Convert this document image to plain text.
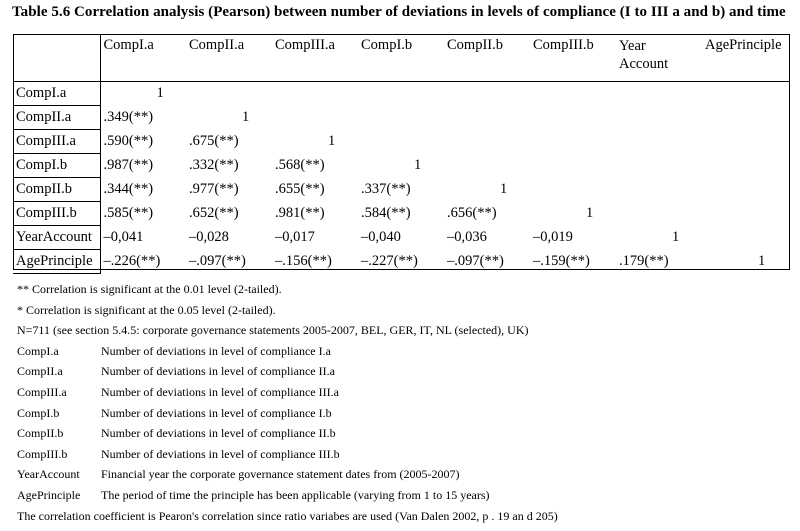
Table 5.6 Correlation analysis (Pearson) between number of deviations in levels of compliance (I to III a and b) and time
	CompI.a	CompII.a	CompIII.a	CompI.b	CompII.b	CompIII.b	Year Account	AgePrinciple
CompI.a	1							
CompII.a	.349(**)	1						
CompIII.a	.590(**)	.675(**)	1					
CompI.b	.987(**)	.332(**)	.568(**)	1				
CompII.b	.344(**)	.977(**)	.655(**)	.337(**)	1			
CompIII.b	.585(**)	.652(**)	.981(**)	.584(**)	.656(**)	1		
YearAccount	–0,041	–0,028	–0,017	–0,040	–0,036	–0,019	1	
AgePrinciple	–.226(**)	–.097(**)	–.156(**)	–.227(**)	–.097(**)	–.159(**)	.179(**)	1
** Correlation is significant at the 0.01 level (2-tailed).
* Correlation is significant at the 0.05 level (2-tailed).
N=711 (see section 5.4.5: corporate governance statements 2005-2007, BEL, GER, IT, NL (selected), UK)
CompI.a	Number of deviations in level of compliance I.a
CompII.a	Number of deviations in level of compliance II.a
CompIII.a	Number of deviations in level of compliance III.a
CompI.b	Number of deviations in level of compliance I.b
CompII.b	Number of deviations in level of compliance II.b
CompIII.b	Number of deviations in level of compliance III.b
YearAccount	Financial year the corporate governance statement dates from (2005-2007)
AgePrinciple	The period of time the principle has been applicable (varying from 1 to 15 years)
The correlation coefficient is Pearon's correlation since ratio variabes are used (Van Dalen 2002, p . 19 an d 205)
